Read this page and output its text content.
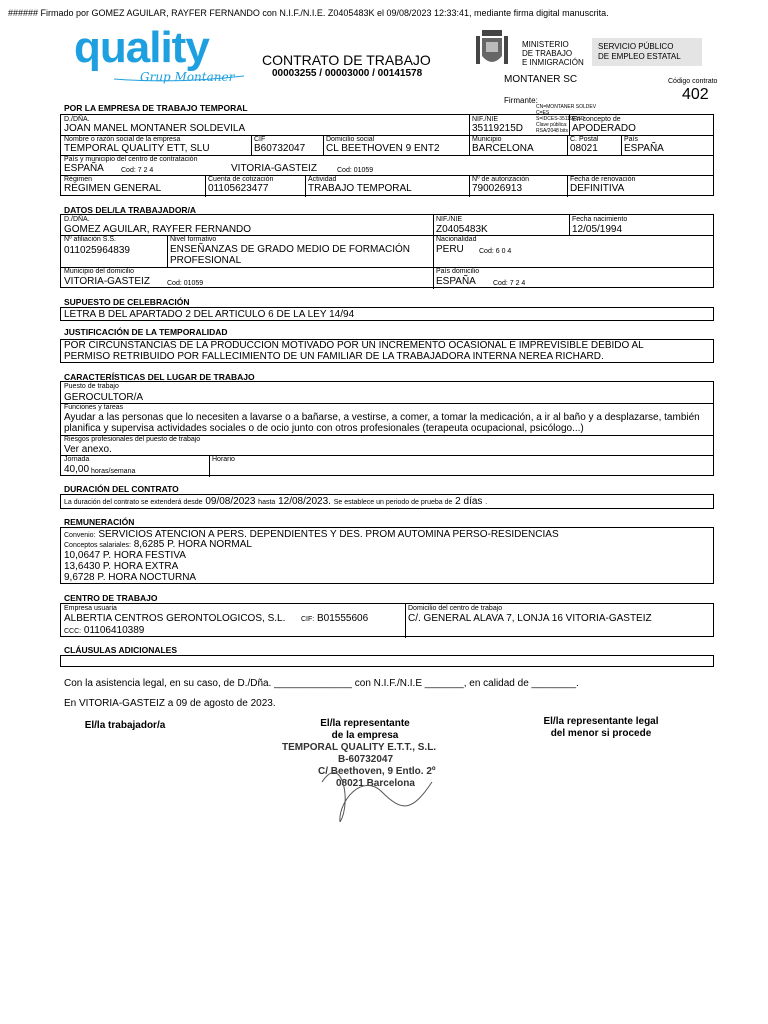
###### Firmado por GOMEZ AGUILAR, RAYFER FERNANDO con N.I.F./N.I.E. Z0405483K el 09/08/2023 12:33:41, mediante firma digital manuscrita.
quality
Grup Montaner
CONTRATO DE TRABAJO
00003255 / 00003000 / 00141578
MINISTERIO
DE TRABAJO
E INMIGRACIÓN
SERVICIO PÚBLICO
DE EMPLEO ESTATAL
MONTANER SC	Código contrato
402
Firmante:
CN=MONTANER SOLDEV
C=ES
S=IDCES-35119215D
Clave pública:
RSA/2048 bits
POR LA EMPRESA DE TRABAJO TEMPORAL
D./DÑA.
JOAN MANEL MONTANER SOLDEVILA
NIF./NIE
35119215D
En concepto de
APODERADO
Nombre o razón social de la empresa
TEMPORAL QUALITY ETT, SLU
CIF
B60732047
Domicilio social
CL BEETHOVEN 9 ENT2
Municipio
BARCELONA
C. Postal
08021
País
ESPAÑA
País y municipio del centro de contratación
ESPAÑA Cod: 7 2 4	VITORIA-GASTEIZ	Cod: 01059
Régimen
REGIMEN GENERAL
Cuenta de cotización
01105623477
Actividad
TRABAJO TEMPORAL
Nº de autorización
790026913
Fecha de renovación
DEFINITIVA
DATOS DEL/LA TRABAJADOR/A
D./DÑA.
GOMEZ AGUILAR, RAYFER FERNANDO
NIF./NIE
Z0405483K
Fecha nacimiento
12/05/1994
Nº afiliación S.S.
011025964839
Nivel formativo
ENSEÑANZAS DE GRADO MEDIO DE FORMACIÓN
PROFESIONAL
Nacionalidad
PERU Cod: 6 0 4
Municipio del domicilio
VITORIA-GASTEIZ Cod: 01059
País domicilio
ESPAÑA Cod: 7 2 4
SUPUESTO DE CELEBRACIÓN
LETRA B DEL APARTADO 2 DEL ARTICULO 6 DE LA LEY 14/94
JUSTIFICACIÓN DE LA TEMPORALIDAD
POR CIRCUNSTANCIAS DE LA PRODUCCION MOTIVADO POR UN INCREMENTO OCASIONAL E IMPREVISIBLE DEBIDO AL
PERMISO RETRIBUIDO POR FALLECIMIENTO DE UN FAMILIAR DE LA TRABAJADORA INTERNA NEREA RICHARD.
CARACTERÍSTICAS DEL LUGAR DE TRABAJO
Puesto de trabajo
GEROCULTOR/A
Funciones y tareas
Ayudar a las personas que lo necesiten a lavarse o a bañarse, a vestirse, a comer, a tomar la medicación, a ir al baño y a desplazarse, también
planifica y supervisa actividades sociales o de ocio junto con otros profesionales (terapeuta ocupacional, psicólogo...)
Riesgos profesionales del puesto de trabajo
Ver anexo.
Jornada
40,00 horas/semana
Horario
DURACIÓN DEL CONTRATO
La duración del contrato se extenderá desde 09/08/2023 hasta 12/08/2023. Se establece un periodo de prueba de 2 días .
REMUNERACIÓN
Convenio: SERVICIOS ATENCION A PERS. DEPENDIENTES Y DES. PROM AUTOMINA PERSO-RESIDENCIAS
Conceptos salariales: 8,6285 P. HORA NORMAL
10,0647 P. HORA FESTIVA
13,6430 P. HORA EXTRA
9,6728 P. HORA NOCTURNA
CENTRO DE TRABAJO
Empresa usuaria
ALBERTIA CENTROS GERONTOLOGICOS, S.L. CIF: B01555606
CCC: 01106410389
Domicilio del centro de trabajo
C/. GENERAL ALAVA 7, LONJA 16 VITORIA-GASTEIZ
CLÁUSULAS ADICIONALES
Con la asistencia legal, en su caso, de D./Dña. ______________ con N.I.F./N.I.E _______, en calidad de ________.
En VITORIA-GASTEIZ a 09 de agosto de 2023.
El/la trabajador/a	El/la representante
de la empresa
El/la representante legal
del menor si procede
TEMPORAL QUALITY E.T.T., S.L.
B-60732047
C/ Beethoven, 9 Entlo. 2º
08021 Barcelona
